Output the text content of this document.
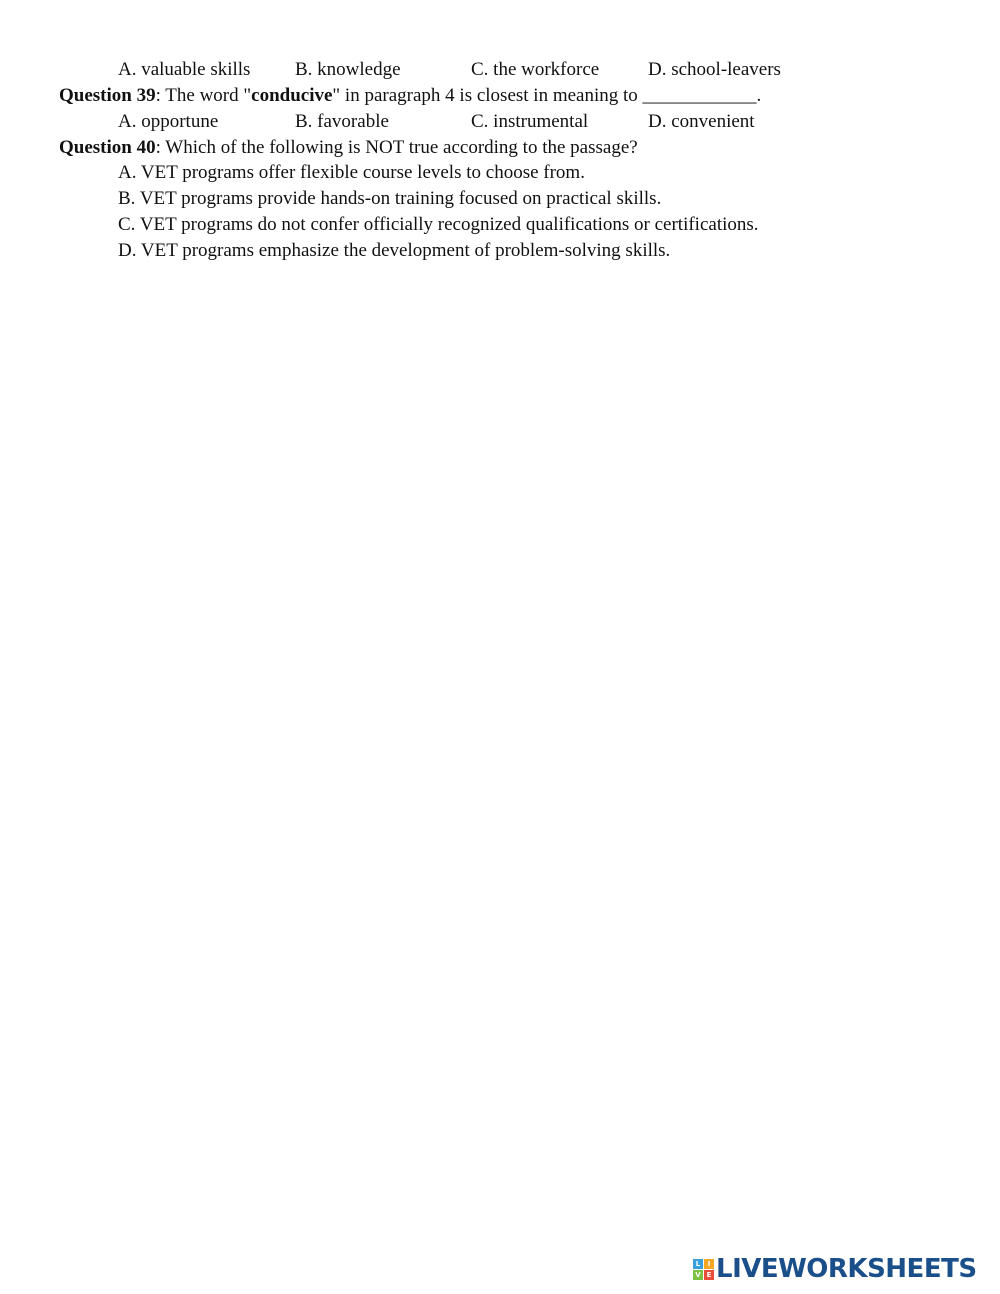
A. valuable skills B. knowledge	C. the workforce	D. school-leavers
Question 39: The word "conducive" in paragraph 4 is closest in meaning to ____________.
A. opportune	B. favorable	C. instrumental	D. convenient
Question 40: Which of the following is NOT true according to the passage?
A. VET programs offer flexible course levels to choose from.
B. VET programs provide hands-on training focused on practical skills.
C. VET programs do not confer officially recognized qualifications or certifications.
D. VET programs emphasize the development of problem-solving skills.
L	I
V E LIVEWORKSHEETS
